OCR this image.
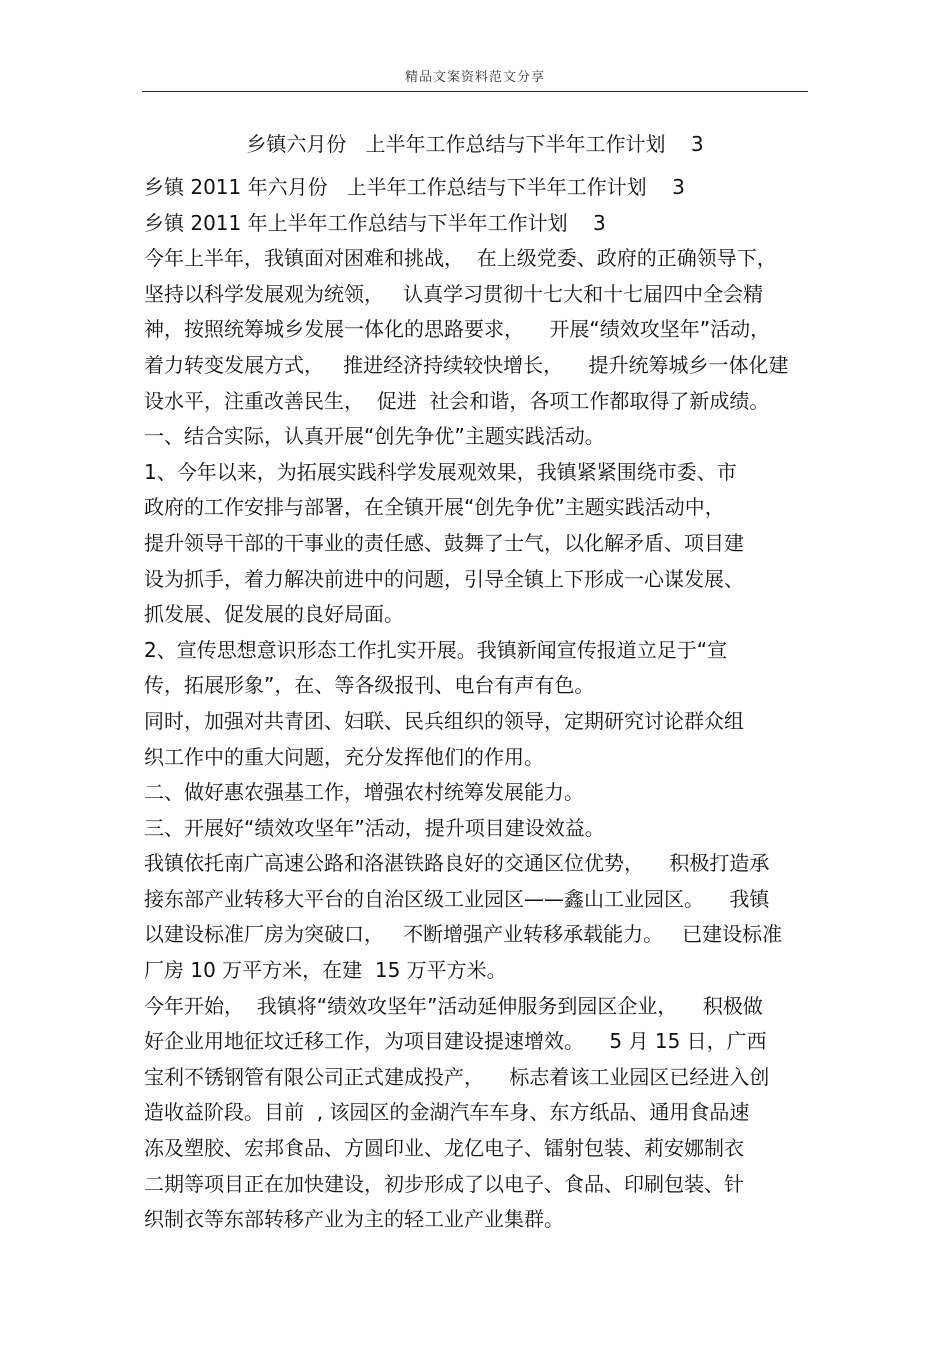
精品文案资料范文分享
乡镇六月份   上半年工作总结与下半年工作计划    3
乡镇 2011 年六月份   上半年工作总结与下半年工作计划    3
乡镇 2011 年上半年工作总结与下半年工作计划    3
今年上半年，我镇面对困难和挑战，  在上级党委、政府的正确领导下，
坚持以科学发展观为统领，   认真学习贯彻十七大和十七届四中全会精
神，按照统筹城乡发展一体化的思路要求，    开展“绩效攻坚年”活动，
着力转变发展方式，   推进经济持续较快增长，    提升统筹城乡一体化建
设水平，注重改善民生，  促进  社会和谐，各项工作都取得了新成绩。
一、结合实际，认真开展“创先争优”主题实践活动。
1、今年以来，为拓展实践科学发展观效果，我镇紧紧围绕市委、市
政府的工作安排与部署，在全镇开展“创先争优”主题实践活动中，
提升领导干部的干事业的责任感、鼓舞了士气，以化解矛盾、项目建
设为抓手，着力解决前进中的问题，引导全镇上下形成一心谋发展、
抓发展、促发展的良好局面。
2、宣传思想意识形态工作扎实开展。我镇新闻宣传报道立足于“宣
传，拓展形象”，在、等各级报刊、电台有声有色。
同时，加强对共青团、妇联、民兵组织的领导，定期研究讨论群众组
织工作中的重大问题，充分发挥他们的作用。
二、做好惠农强基工作，增强农村统筹发展能力。
三、开展好“绩效攻坚年”活动，提升项目建设效益。
我镇依托南广高速公路和洛湛铁路良好的交通区位优势，    积极打造承
接东部产业转移大平台的自治区级工业园区——鑫山工业园区。    我镇
以建设标准厂房为突破口，   不断增强产业转移承载能力。   已建设标准
厂房 10 万平方米，在建  15 万平方米。
今年开始，  我镇将“绩效攻坚年”活动延伸服务到园区企业，    积极做
好企业用地征坟迁移工作，为项目建设提速增效。    5 月 15 日，广西
宝利不锈钢管有限公司正式建成投产，    标志着该工业园区已经进入创
造收益阶段。目前  , 该园区的金湖汽车车身、东方纸品、通用食品速
冻及塑胶、宏邦食品、方圆印业、龙亿电子、镭射包装、莉安娜制衣
二期等项目正在加快建设，初步形成了以电子、食品、印刷包装、针
织制衣等东部转移产业为主的轻工业产业集群。
